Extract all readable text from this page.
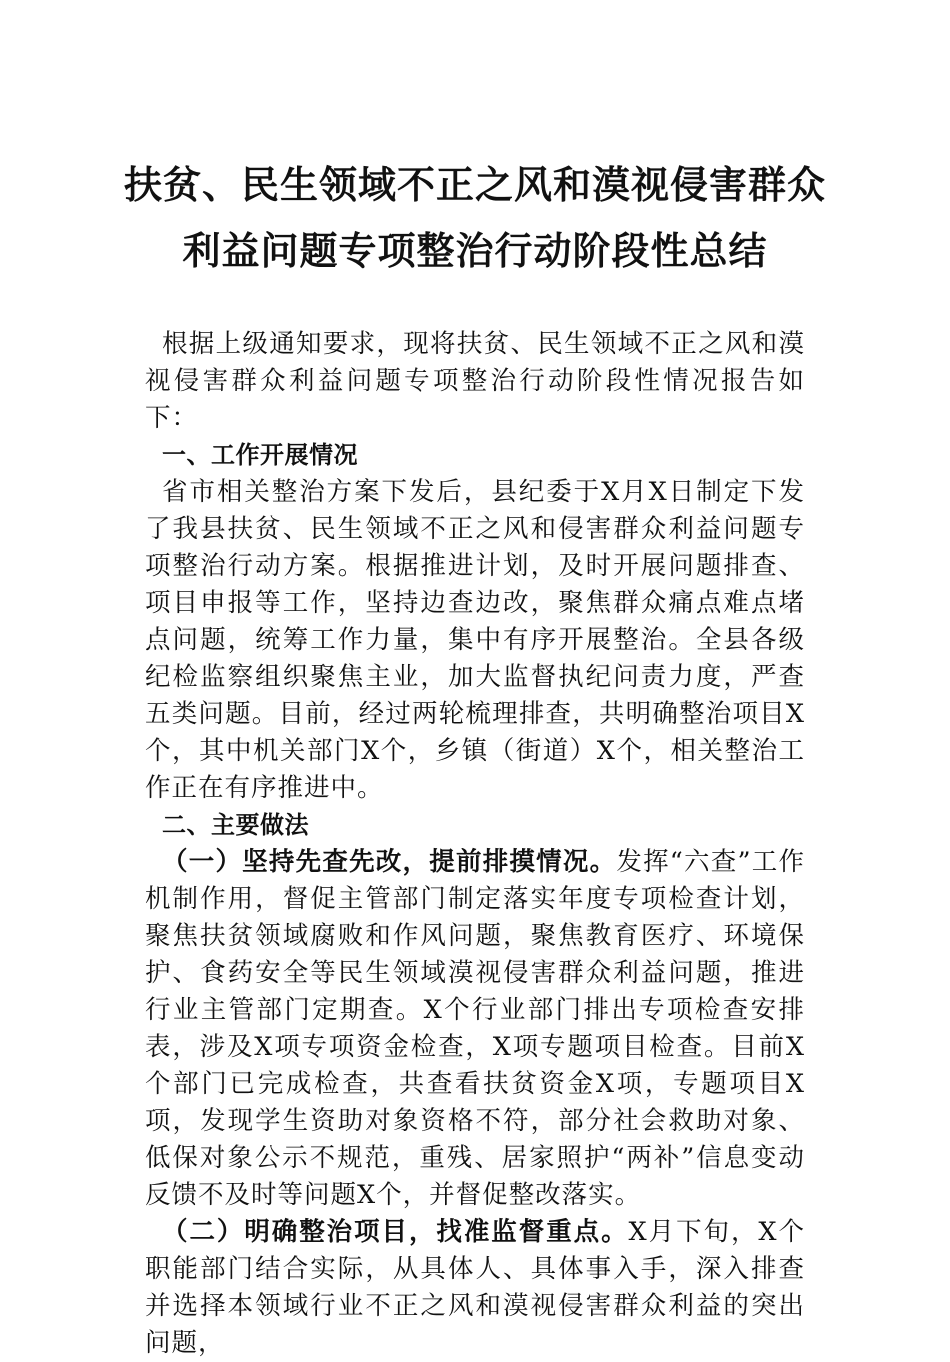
扶贫、民生领域不正之风和漠视侵害群众
利益问题专项整治行动阶段性总结

根据上级通知要求，现将扶贫、民生领域不正之风和漠视侵害群众利益问题专项整治行动阶段性情况报告如下：

一、工作开展情况

省市相关整治方案下发后，县纪委于X月X日制定下发了我县扶贫、民生领域不正之风和侵害群众利益问题专项整治行动方案。根据推进计划，及时开展问题排查、项目申报等工作，坚持边查边改，聚焦群众痛点难点堵点问题，统筹工作力量，集中有序开展整治。全县各级纪检监察组织聚焦主业，加大监督执纪问责力度，严查五类问题。目前，经过两轮梳理排查，共明确整治项目X个，其中机关部门X个，乡镇（街道）X个，相关整治工作正在有序推进中。

二、主要做法

（一）坚持先查先改，提前排摸情况。发挥“六查”工作机制作用，督促主管部门制定落实年度专项检查计划，聚焦扶贫领域腐败和作风问题，聚焦教育医疗、环境保护、食药安全等民生领域漠视侵害群众利益问题，推进行业主管部门定期查。X个行业部门排出专项检查安排表，涉及X项专项资金检查，X项专题项目检查。目前X个部门已完成检查，共查看扶贫资金X项，专题项目X项，发现学生资助对象资格不符，部分社会救助对象、低保对象公示不规范，重残、居家照护“两补”信息变动反馈不及时等问题X个，并督促整改落实。

（二）明确整治项目，找准监督重点。X月下旬，X个职能部门结合实际，从具体人、具体事入手，深入排查并选择本领域行业不正之风和漠视侵害群众利益的突出问题，
